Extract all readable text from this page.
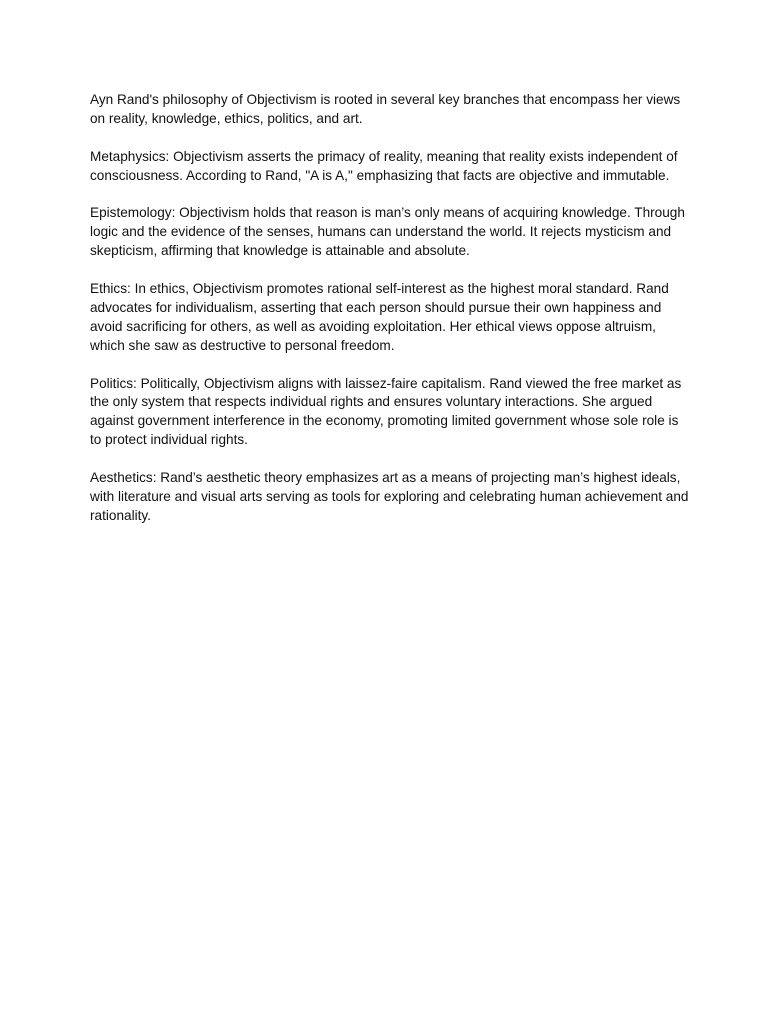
Ayn Rand's philosophy of Objectivism is rooted in several key branches that encompass her views on reality, knowledge, ethics, politics, and art.

Metaphysics: Objectivism asserts the primacy of reality, meaning that reality exists independent of consciousness. According to Rand, "A is A," emphasizing that facts are objective and immutable.

Epistemology: Objectivism holds that reason is man’s only means of acquiring knowledge. Through logic and the evidence of the senses, humans can understand the world. It rejects mysticism and skepticism, affirming that knowledge is attainable and absolute.

Ethics: In ethics, Objectivism promotes rational self-interest as the highest moral standard. Rand advocates for individualism, asserting that each person should pursue their own happiness and avoid sacrificing for others, as well as avoiding exploitation. Her ethical views oppose altruism, which she saw as destructive to personal freedom.

Politics: Politically, Objectivism aligns with laissez-faire capitalism. Rand viewed the free market as the only system that respects individual rights and ensures voluntary interactions. She argued against government interference in the economy, promoting limited government whose sole role is to protect individual rights.

Aesthetics: Rand’s aesthetic theory emphasizes art as a means of projecting man’s highest ideals, with literature and visual arts serving as tools for exploring and celebrating human achievement and rationality.
